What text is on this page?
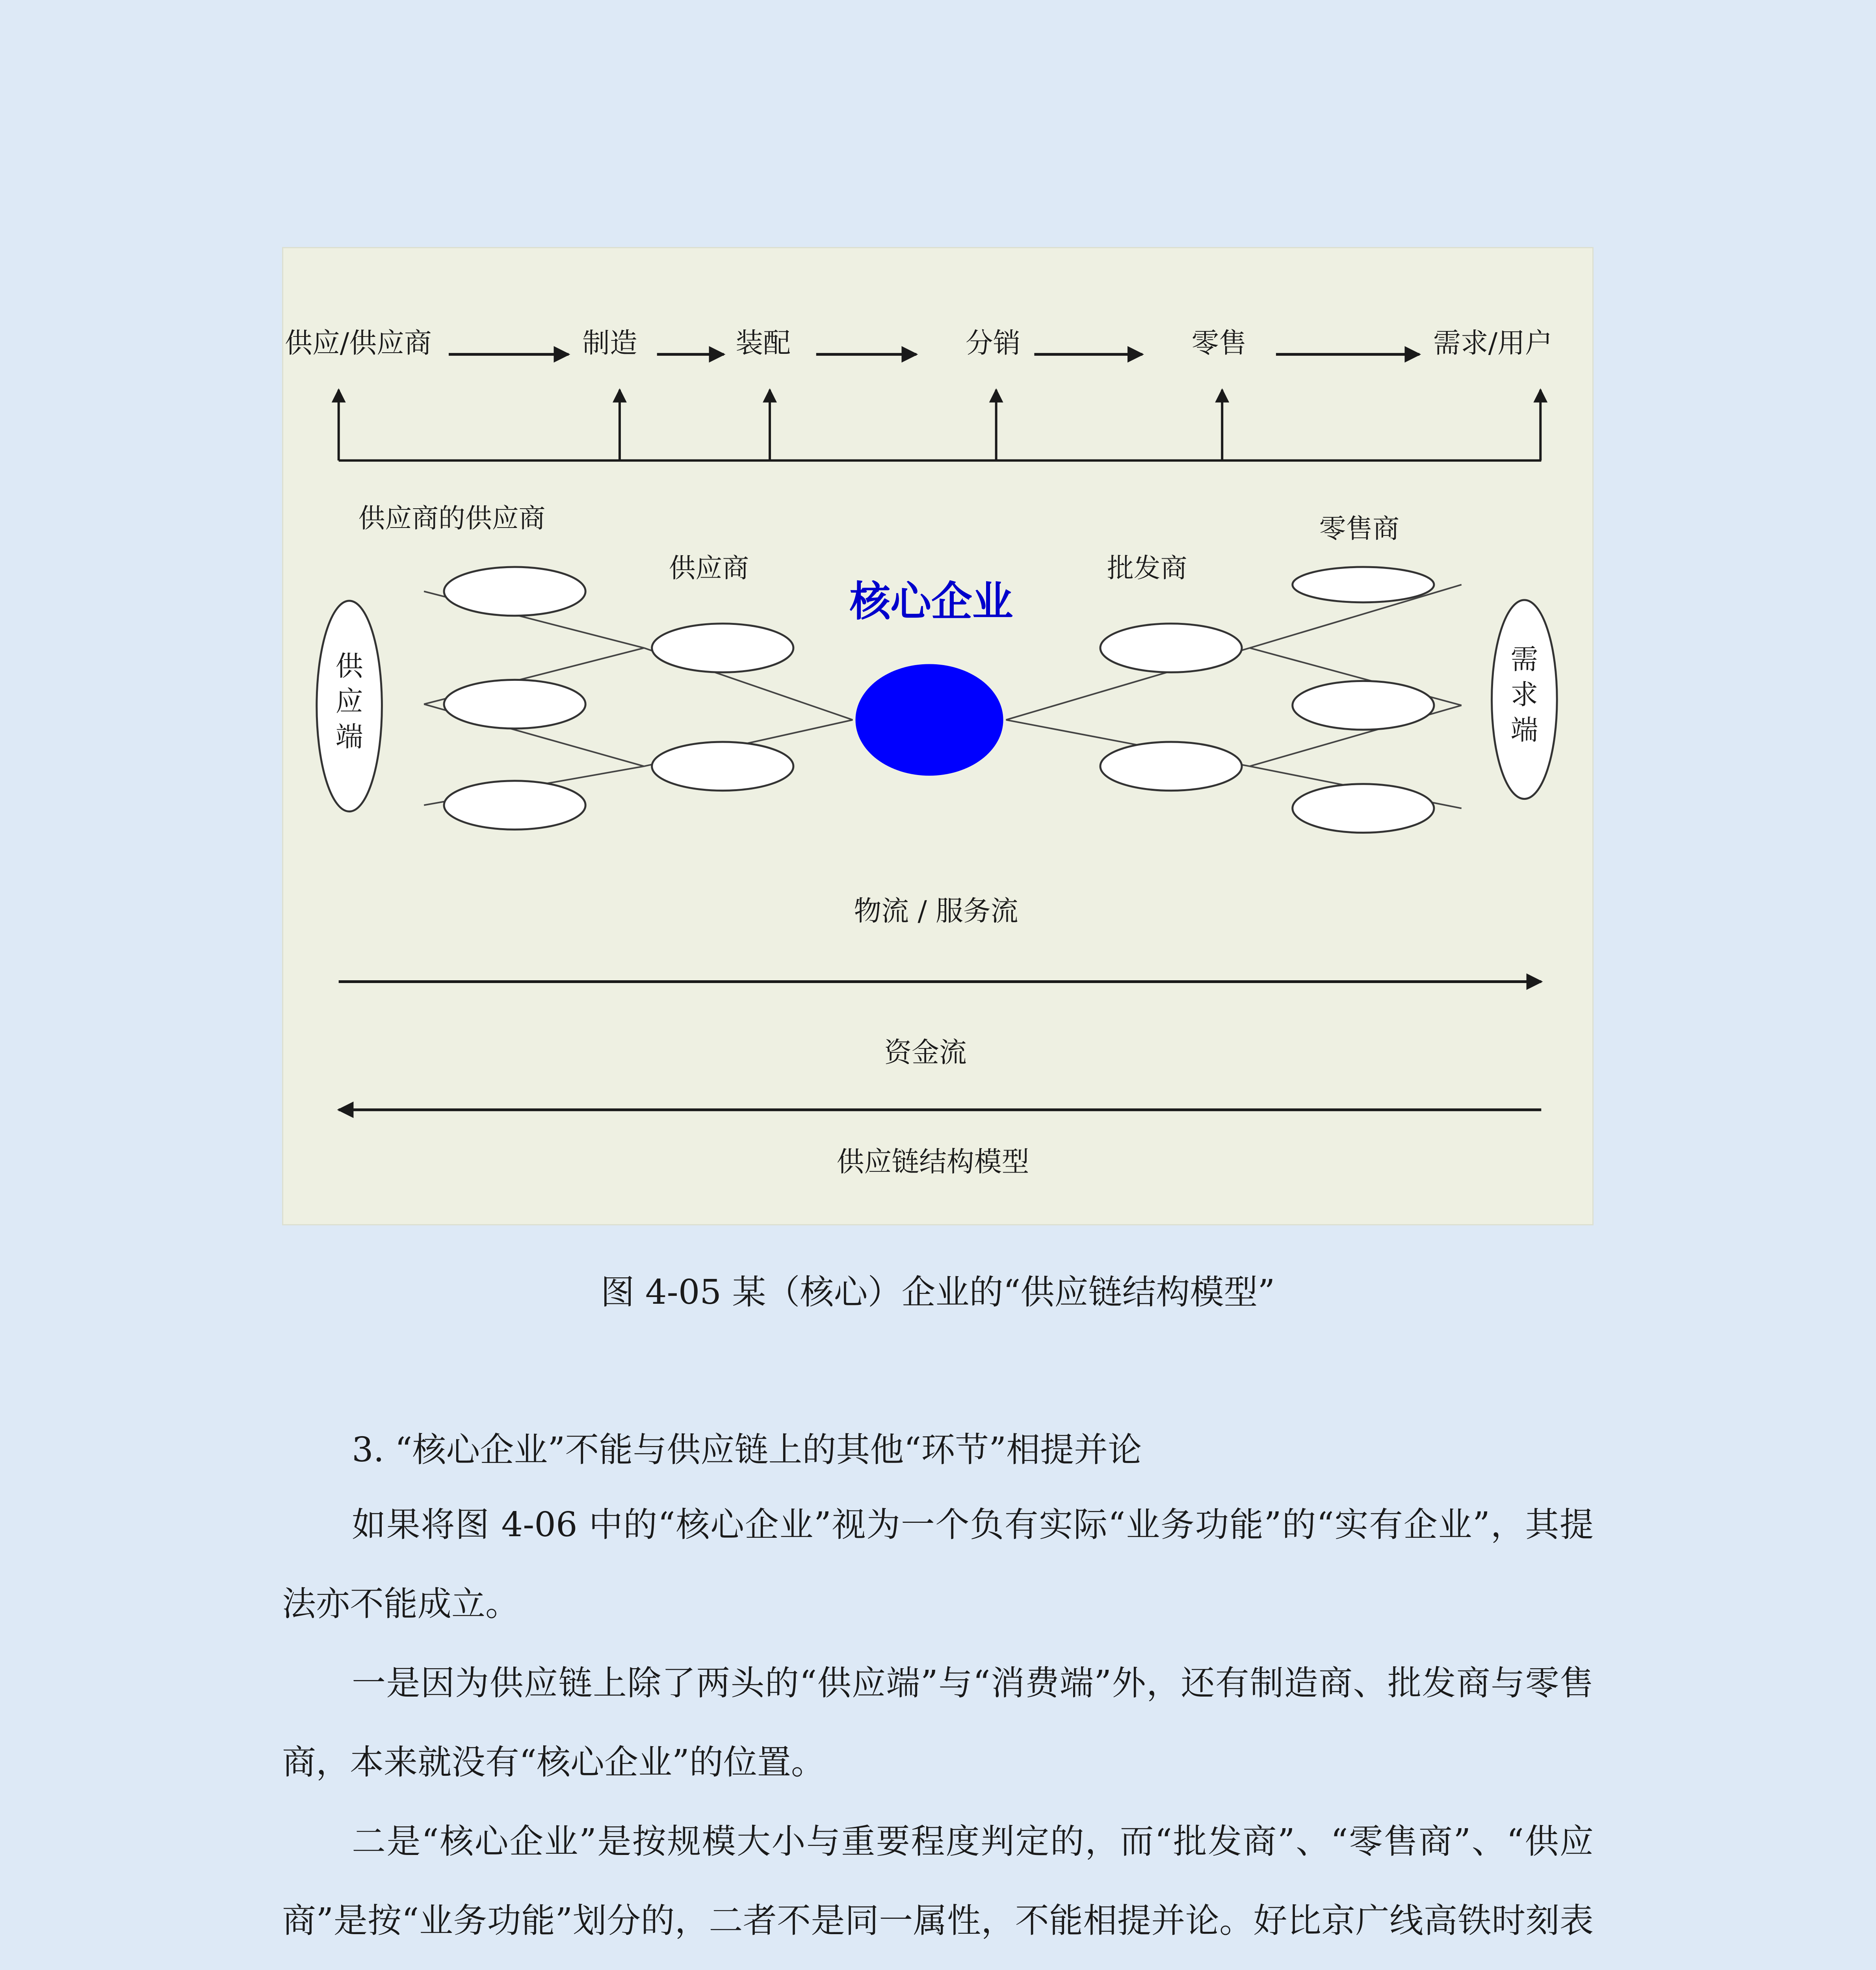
供应/供应商	制造	装配	分销	零售	需求/用户
供应商的供应商
供应商
核心企业
批发商
零售商
供
应
端
需
求
端
物流 / 服务流
资金流
供应链结构模型
图 4-05 某（核心）企业的“供应链结构模型”
3. “核心企业”不能与供应链上的其他“环节”相提并论

如果将图 4-06 中的“核心企业”视为一个负有实际“业务功能”的“实有企业”，其提法亦不能成立。

一是因为供应链上除了两头的“供应端”与“消费端”外，还有制造商、批发商与零售商，本来就没有“核心企业”的位置。

二是“核心企业”是按规模大小与重要程度判定的，而“批发商”、“零售商”、“供应商”是按“业务功能”划分的，二者不是同一属性，不能相提并论。好比京广线高铁时刻表
